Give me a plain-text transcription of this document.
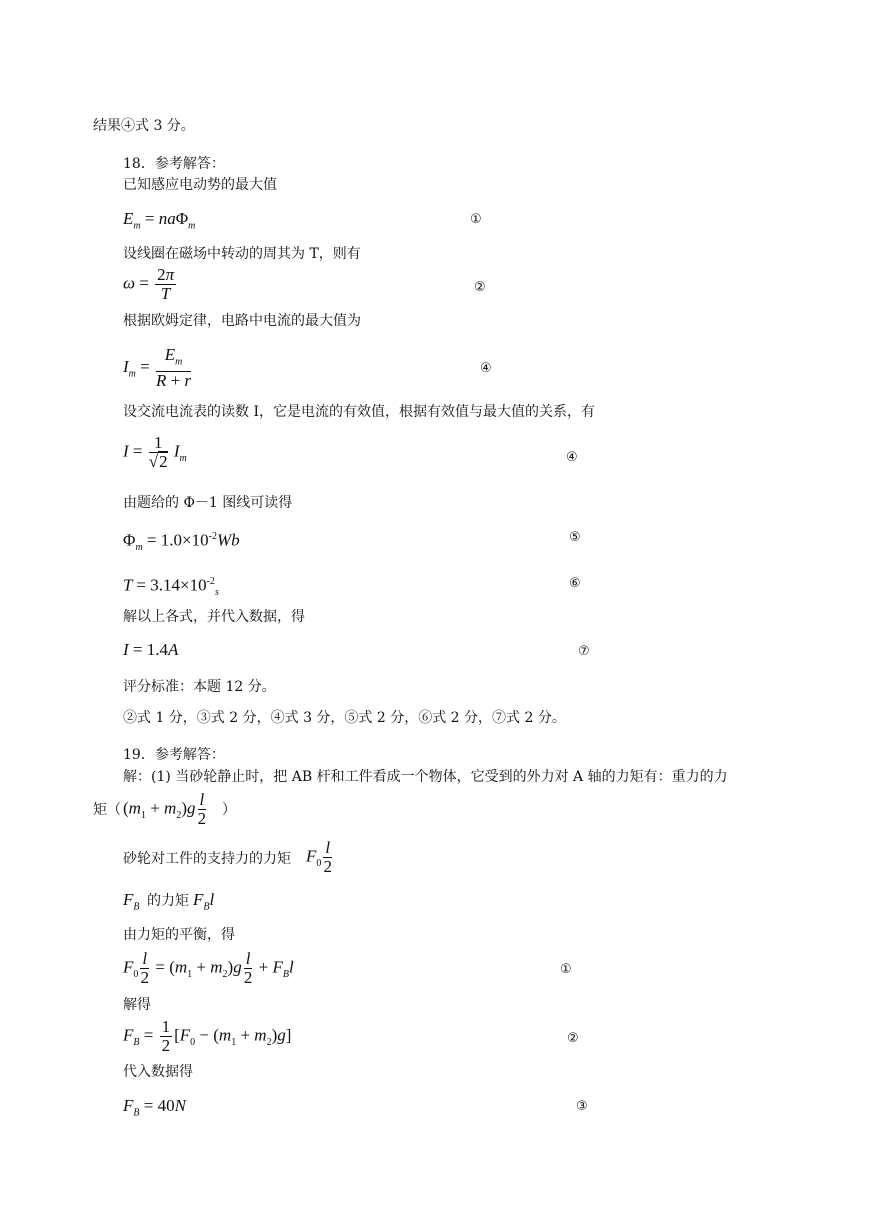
结果④式 3 分。
18．参考解答：
已知感应电动势的最大值
$E_m = na\Phi_m$	①
设线圈在磁场中转动的周其为 T，则有
$\omega = \frac{2\pi}{T}$	②
根据欧姆定律，电路中电流的最大值为
$I_m = \frac{E_m}{R + r}$	④
设交流电流表的读数 I，它是电流的有效值，根据有效值与最大值的关系，有
$I = \frac{1}{√2} I_m$	④
由题给的 Φ－1 图线可读得
$\Phi_m = 1.0\times 10^{-2}Wb$	⑤
$T = 3.14\times 10^{-2}_s$
⑥
解以上各式，并代入数据，得
I = 1.4A	⑦
评分标准：本题 12 分。
②式 1 分，③式 2 分，④式 3 分，⑤式 2 分，⑥式 2 分，⑦式 2 分。
19．参考解答：
解：(1) 当砂轮静止时，把 AB 杆和工件看成一个物体，它受到的外力对 A 轴的力矩有：重力的力
矩（ $(m_1 + m_2)g \frac{l}{2}$ ）
砂轮对工件的支持力的力矩 $F_0 \frac{l}{2}$
$F_B$ 的力矩 $F_Bl$
由力矩的平衡，得
$F_0 \frac{l}{2} = (m_1 + m_2)g \frac{l}{2} + F_Bl$	①
解得
$F_B = \frac{1}{2} [F_0 - (m_1 + m_2)g]$	②
代入数据得
$F_B = 40N$	③
